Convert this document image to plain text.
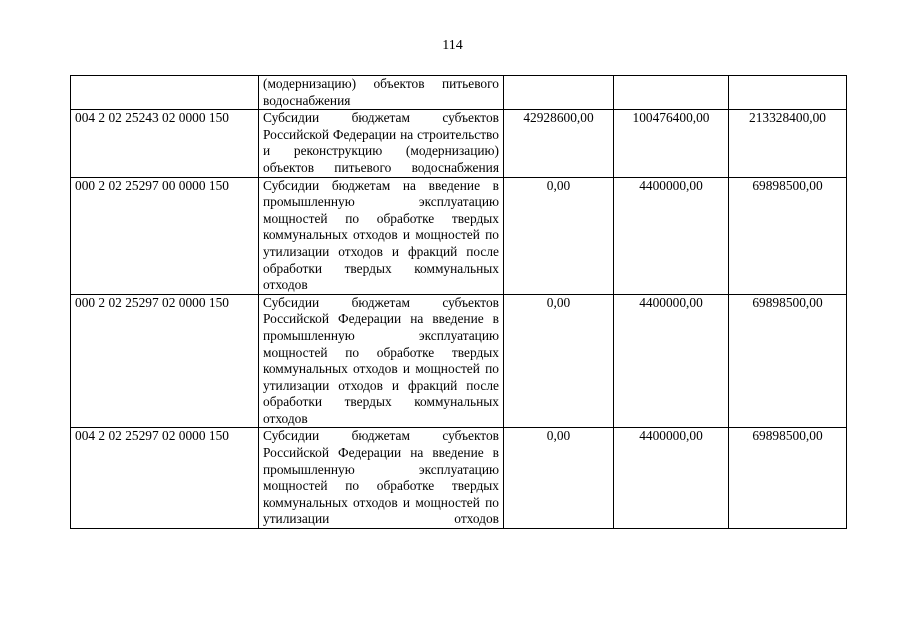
114
	(модернизацию) объектов питьевого водоснабжения			
004 2 02 25243 02 0000 150	Субсидии бюджетам субъектов Российской Федерации на строительство и реконструкцию (модернизацию) объектов питьевого водоснабжения	42928600,00	100476400,00	213328400,00
000 2 02 25297 00 0000 150	Субсидии бюджетам на введение в промышленную эксплуатацию мощностей по обработке твердых коммунальных отходов и мощностей по утилизации отходов и фракций после обработки твердых коммунальных отходов	0,00	4400000,00	69898500,00
000 2 02 25297 02 0000 150	Субсидии бюджетам субъектов Российской Федерации на введение в промышленную эксплуатацию мощностей по обработке твердых коммунальных отходов и мощностей по утилизации отходов и фракций после обработки твердых коммунальных отходов	0,00	4400000,00	69898500,00
004 2 02 25297 02 0000 150	Субсидии бюджетам субъектов Российской Федерации на введение в промышленную эксплуатацию мощностей по обработке твердых коммунальных отходов и мощностей по утилизации отходов	0,00	4400000,00	69898500,00
